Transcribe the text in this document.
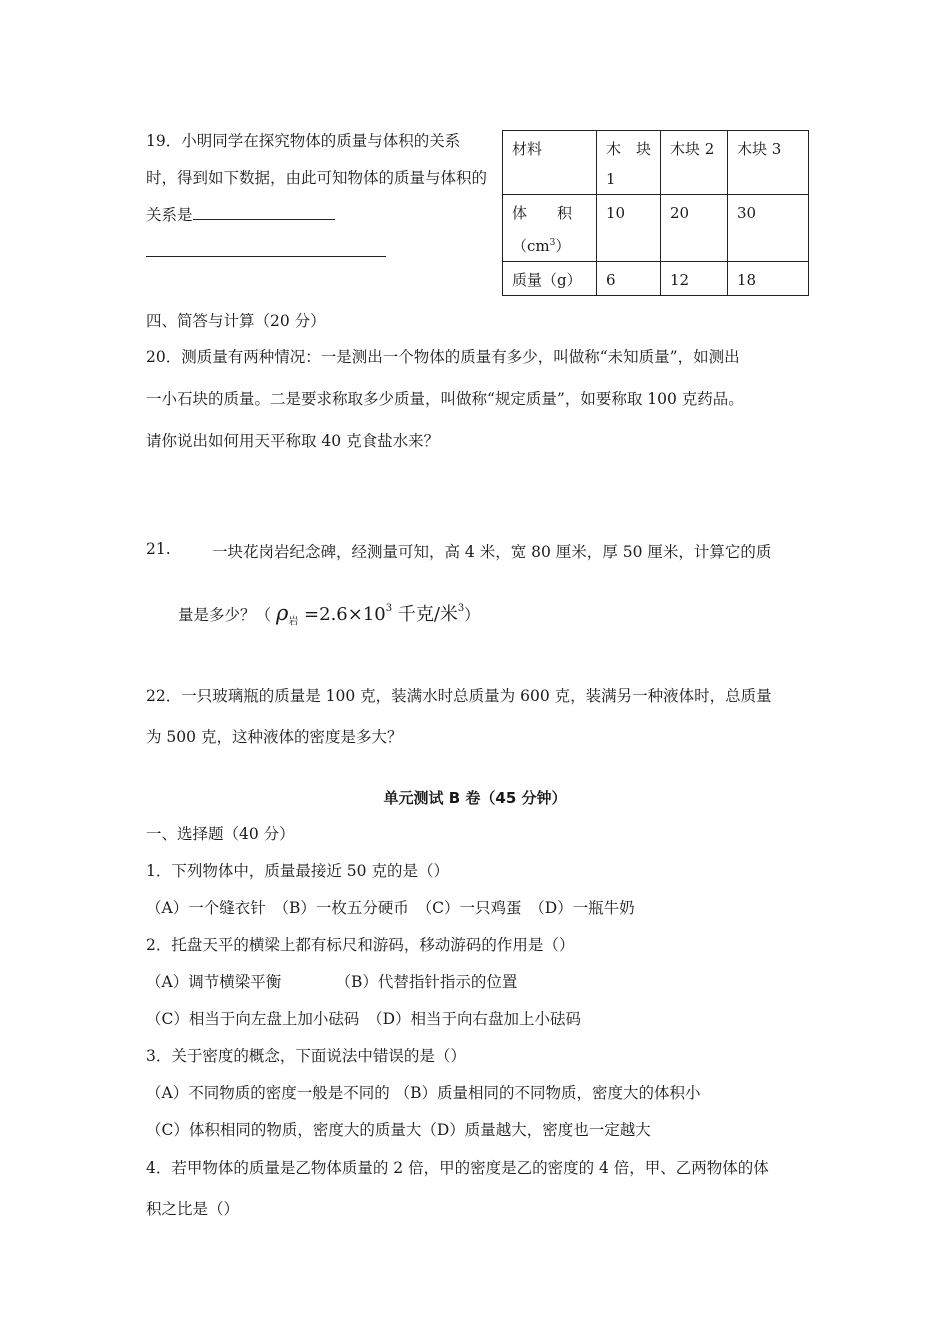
19．小明同学在探究物体的质量与体积的关系时，得到如下数据，由此可知物体的质量与体积的关系是

材料	木　块1	木块 2	木块 3
体　　积$(cm^3)$	10	20	30
质量（g）	6	12	18
四、简答与计算（20 分）
20．测质量有两种情况：一是测出一个物体的质量有多少，叫做称“未知质量”，如测出
一小石块的质量。二是要求称取多少质量，叫做称“规定质量”，如要称取 100 克药品。
请你说出如何用天平称取 40 克食盐水来？
21.	一块花岗岩纪念碑，经测量可知，高 4 米，宽 80 厘米，厚 50 厘米，计算它的质
量是多少？（ $\rho_岩 =2.6\times 10^3$ 千克/米$^3$）
22．一只玻璃瓶的质量是 100 克，装满水时总质量为 600 克，装满另一种液体时，总质量
为 500 克，这种液体的密度是多大？
单元测试 B 卷（45 分钟）
一、选择题（40 分）
1．下列物体中，质量最接近 50 克的是（）
（A）一个缝衣针　（B）一枚五分硬币　（C）一只鸡蛋　（D）一瓶牛奶
2．托盘天平的横梁上都有标尺和游码，移动游码的作用是（）
（A）调节横梁平衡　　　　（B）代替指针指示的位置
（C）相当于向左盘上加小砝码　（D）相当于向右盘加上小砝码
3．关于密度的概念，下面说法中错误的是（）
（A）不同物质的密度一般是不同的 （B）质量相同的不同物质，密度大的体积小
（C）体积相同的物质，密度大的质量大（D）质量越大，密度也一定越大
4．若甲物体的质量是乙物体质量的 2 倍，甲的密度是乙的密度的 4 倍，甲、乙两物体的体
积之比是（）
